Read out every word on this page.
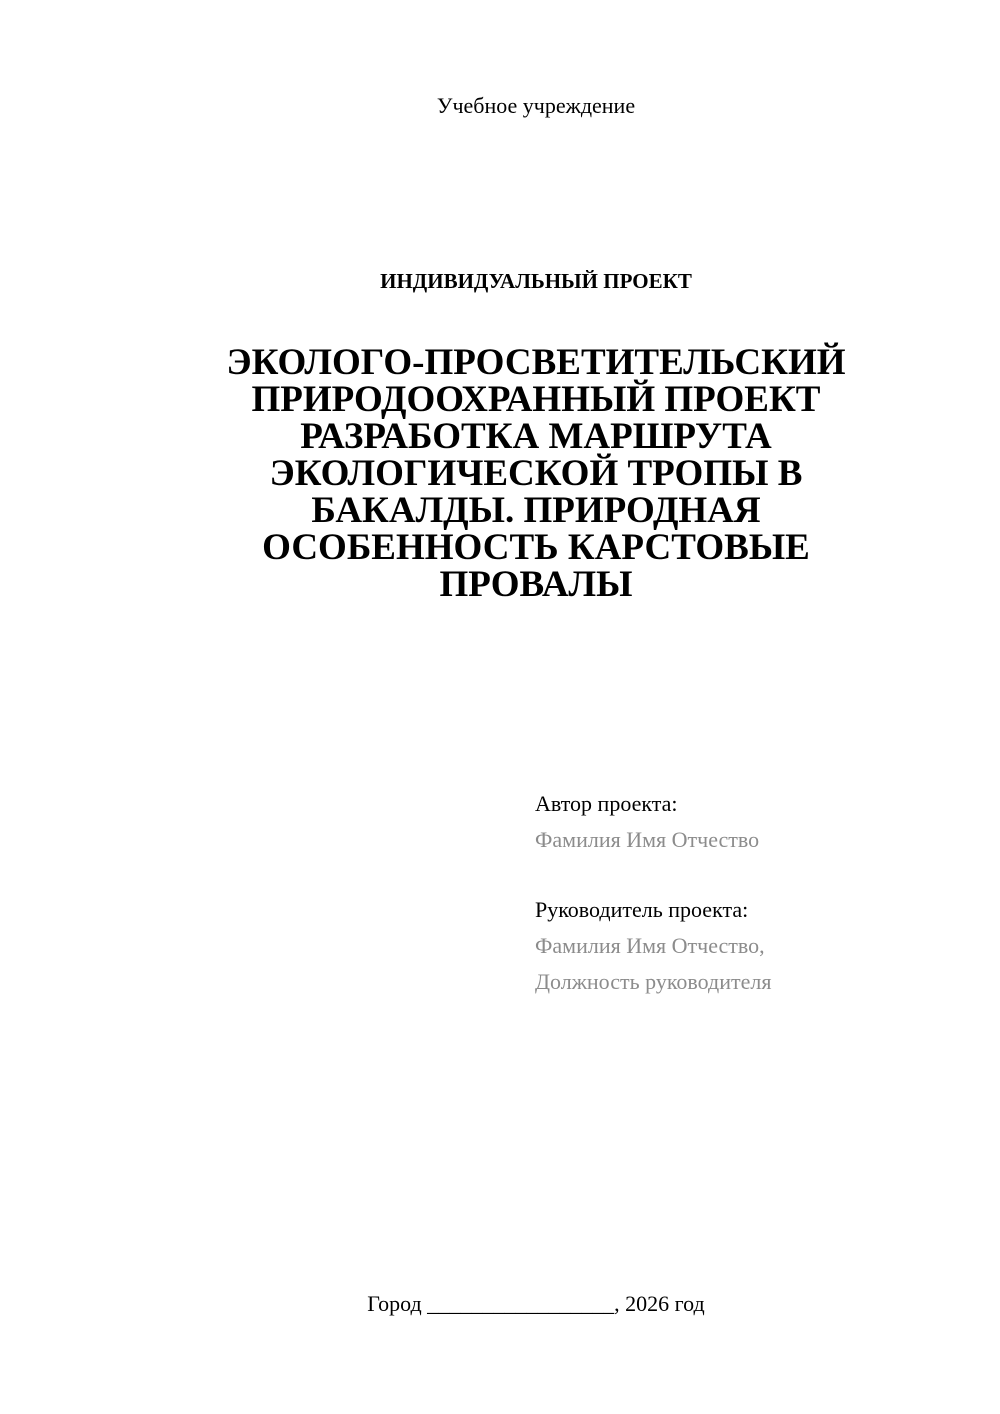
Учебное учреждение
ИНДИВИДУАЛЬНЫЙ ПРОЕКТ
ЭКОЛОГО-ПРОСВЕТИТЕЛЬСКИЙ
ПРИРОДООХРАННЫЙ ПРОЕКТ
РАЗРАБОТКА МАРШРУТА
ЭКОЛОГИЧЕСКОЙ ТРОПЫ В
БАКАЛДЫ. ПРИРОДНАЯ
ОСОБЕННОСТЬ КАРСТОВЫЕ
ПРОВАЛЫ
Автор проекта:
Фамилия Имя Отчество
Руководитель проекта:
Фамилия Имя Отчество,
Должность руководителя
Город _________________, 2026 год
